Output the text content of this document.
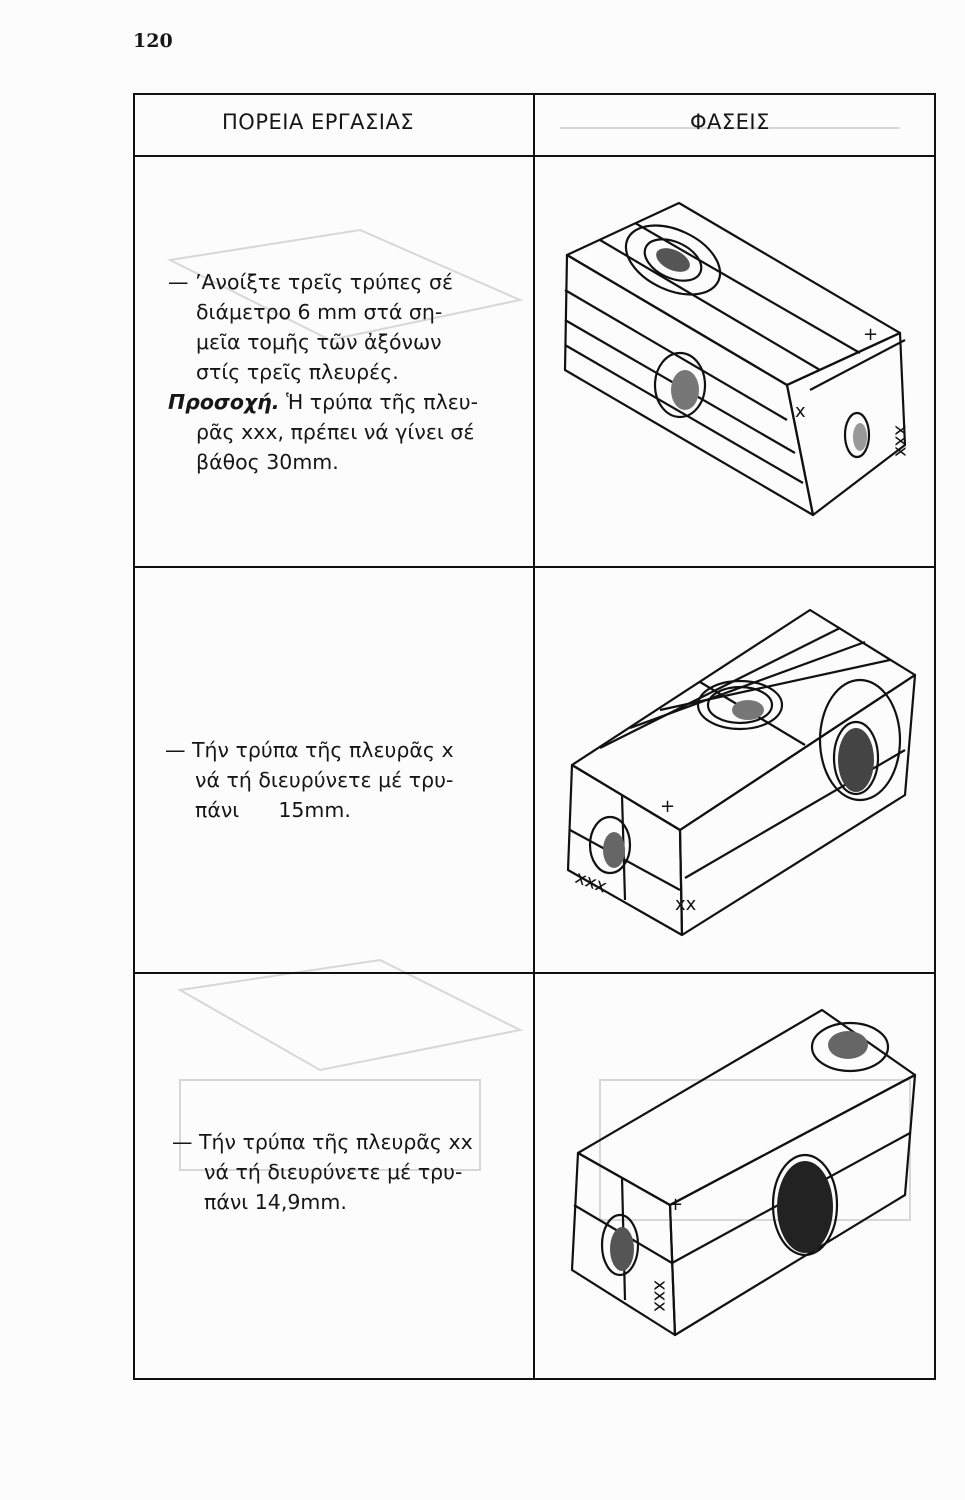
120
ΠΟΡΕΙΑ ΕΡΓΑΣΙΑΣ	ΦΑΣΕΙΣ
— ’Ανοίξτε τρεῖς τρύπες σέ
διάμετρο 6 mm στά ση-
μεῖα τομῆς τῶν ἀξόνων
στίς τρεῖς πλευρές.
Προσοχή. Ἡ τρύπα τῆς πλευ-
ρᾶς xxx, πρέπει νά γίνει σέ
βάθος 30mm.
— Τήν τρύπα τῆς πλευρᾶς x
νά τή διευρύνετε μέ τρυ-
πάνι      15mm.
— Τήν τρύπα τῆς πλευρᾶς xx
νά τή διευρύνετε μέ τρυ-
πάνι 14,9mm.
+
x
xxx
+
xxx
xx
+
xxx
